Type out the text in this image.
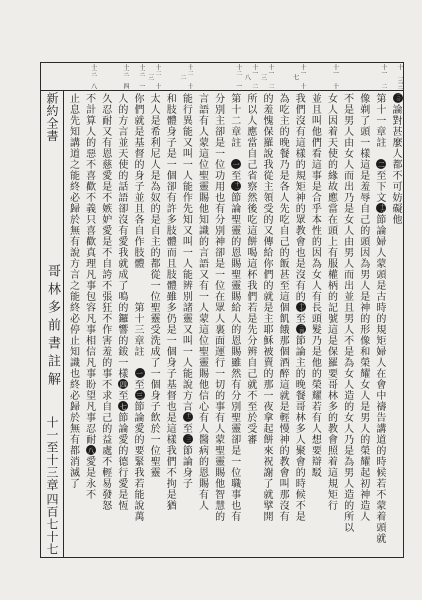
十 三三
十一 二
十一 十
十一 十七
十一 二三
十一 二八
十二 一
十二 十二
十二 十三
十三 一
十三 四
十三 八
新約全書
哥林多前書註解
十一至十三章
四百七十七
三三論對甚麼人都不可妨礙他
第十一章註　二至下文十六節論婦人蒙頭是古時的規矩婦人在會中禱告講道的時候若不蒙着頭就
像剃了頭一樣這是羞辱自己的頭因為男人是神的形像和榮耀女人是男人的榮耀起初神造人
不是男人由女人而出乃是女人由男人而出並且男人不是為女人造的女人乃是為男人造的所以
女人因着天使的緣故應當在頭上有服權柄的記號這是保羅要哥林多的教會照着這規矩行
並且叫他們看這事是合乎本性的因為女人有長頭髮乃是他的榮耀若有人想要辯駁
我們沒有這樣的規矩神的眾教會也是沒有的十七至三四節論主的晚餐哥林多人聚會的時候不是
為吃主的晚餐乃是各人先吃自己的飯甚至這個飢餓那個酒醉這就是輕慢神的教會叫那沒有
的羞愧保羅說我從主領受的又傳給你們的就是主耶穌被賣的那一夜拿起餅來祝謝了就擘開
所以人應當自己省察然後吃這餅喝這杯我們若是先分辨自己就不至於受審
第十二章註　一至十一節論聖靈的恩賜聖靈賜給人的恩賜雖然有分別聖靈卻是一位職事也有
分別主卻是一位功用也有分別神卻是一位在眾人裏面運行一切的事有人蒙聖靈賜他智慧的
言語有人蒙這位聖靈賜他知識的言語又有一人蒙這位聖靈賜他信心有人醫病的恩賜有人
能行異能又叫一人能作先知又叫一人能辨別諸靈又叫一人能說方言十二至三一節論身子
和肢體身子是一個卻有許多肢體而且肢體雖多仍是一個身子基督也是這樣我們不拘是猶
太人是希利尼人是為奴的是自主的都從一位聖靈受洗成了一個身子飲於一位聖靈
你們就是基督的身子並且各自作肢體　　　第十三章註　一至三節論愛的要緊我若能說萬
人的方言並天使的話語卻沒有愛我就成了鳴的鑼響的鈸一樣四至七節論愛的德行愛是恆
久忍耐又有恩慈愛是不嫉妒愛是不自誇不張狂不作害羞的事不求自己的益處不輕易發怒
不計算人的惡不喜歡不義只喜歡真理凡事包容凡事相信凡事盼望凡事忍耐八愛是永不
止息先知講道之能終必歸於無有說方言之能終必停止知識也終必歸於無有都消滅了
